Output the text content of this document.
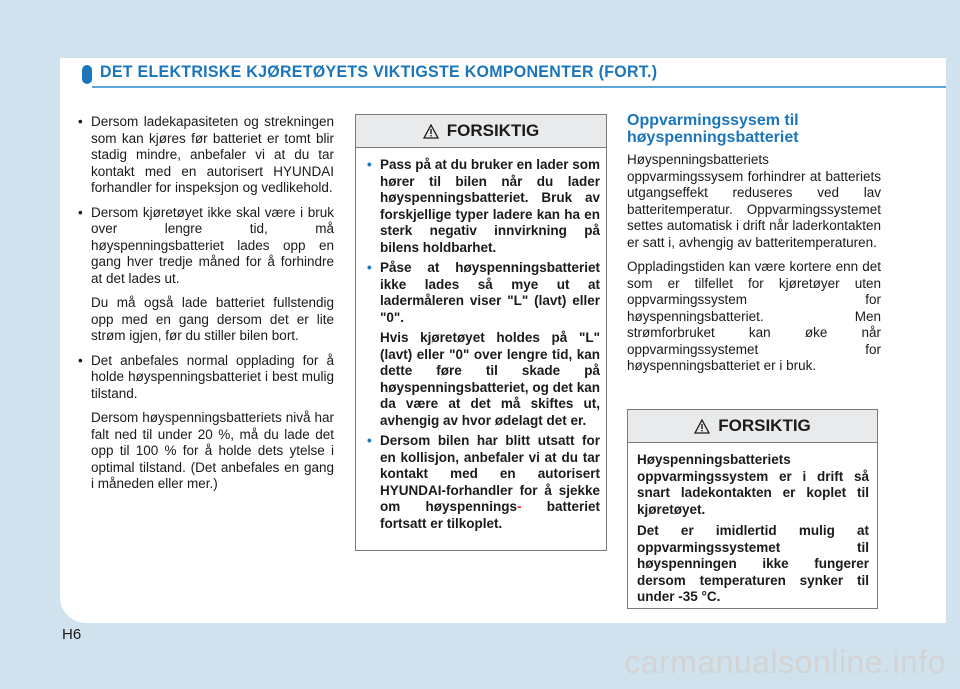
DET ELEKTRISKE KJØRETØYETS VIKTIGSTE KOMPONENTER (FORT.)

• Dersom ladekapasiteten og strekningen som kan kjøres før batteriet er tomt blir stadig mindre, anbefaler vi at du tar kontakt med en autorisert HYUNDAI forhandler for inspeksjon og vedlikehold.

• Dersom kjøretøyet ikke skal være i bruk over lengre tid, må høyspenningsbatteriet lades opp en gang hver tredje måned for å forhindre at det lades ut.

Du må også lade batteriet fullstendig opp med en gang dersom det er lite strøm igjen, før du stiller bilen bort.

• Det anbefales normal opplading for å holde høyspenningsbatteriet i best mulig tilstand.

Dersom høyspenningsbatteriets nivå har falt ned til under 20 %, må du lade det opp til 100 % for å holde dets ytelse i optimal tilstand. (Det anbefales en gang i måneden eller mer.)

FORSIKTIG

• Pass på at du bruker en lader som hører til bilen når du lader høyspenningsbatteriet. Bruk av forskjellige typer ladere kan ha en sterk negativ innvirkning på bilens holdbarhet.

• Påse at høyspenningsbatteriet ikke lades så mye ut at ladermåleren viser "L" (lavt) eller "0".

Hvis kjøretøyet holdes på "L" (lavt) eller "0" over lengre tid, kan dette føre til skade på høyspenningsbatteriet, og det kan da være at det må skiftes ut, avhengig av hvor ødelagt det er.

• Dersom bilen har blitt utsatt for en kollisjon, anbefaler vi at du tar kontakt med en autorisert HYUNDAI-forhandler for å sjekke om høyspennings- batteriet fortsatt er tilkoplet.

Oppvarmingssysem til høyspenningsbatteriet

Høyspenningsbatteriets oppvarmingssysem forhindrer at batteriets utgangseffekt reduseres ved lav batteritemperatur. Oppvarmingssystemet settes automatisk i drift når laderkontakten er satt i, avhengig av batteritemperaturen.

Oppladingstiden kan være kortere enn det som er tilfellet for kjøretøyer uten oppvarmingssystem for høyspenningsbatteriet. Men strømforbruket kan øke når oppvarmingssystemet for høyspenningsbatteriet er i bruk.

FORSIKTIG

Høyspenningsbatteriets oppvarmingssystem er i drift så snart ladekontakten er koplet til kjøretøyet.

Det er imidlertid mulig at oppvarmingssystemet til høyspenningen ikke fungerer dersom temperaturen synker til under -35 °C.

H6
carmanualsonline.info
